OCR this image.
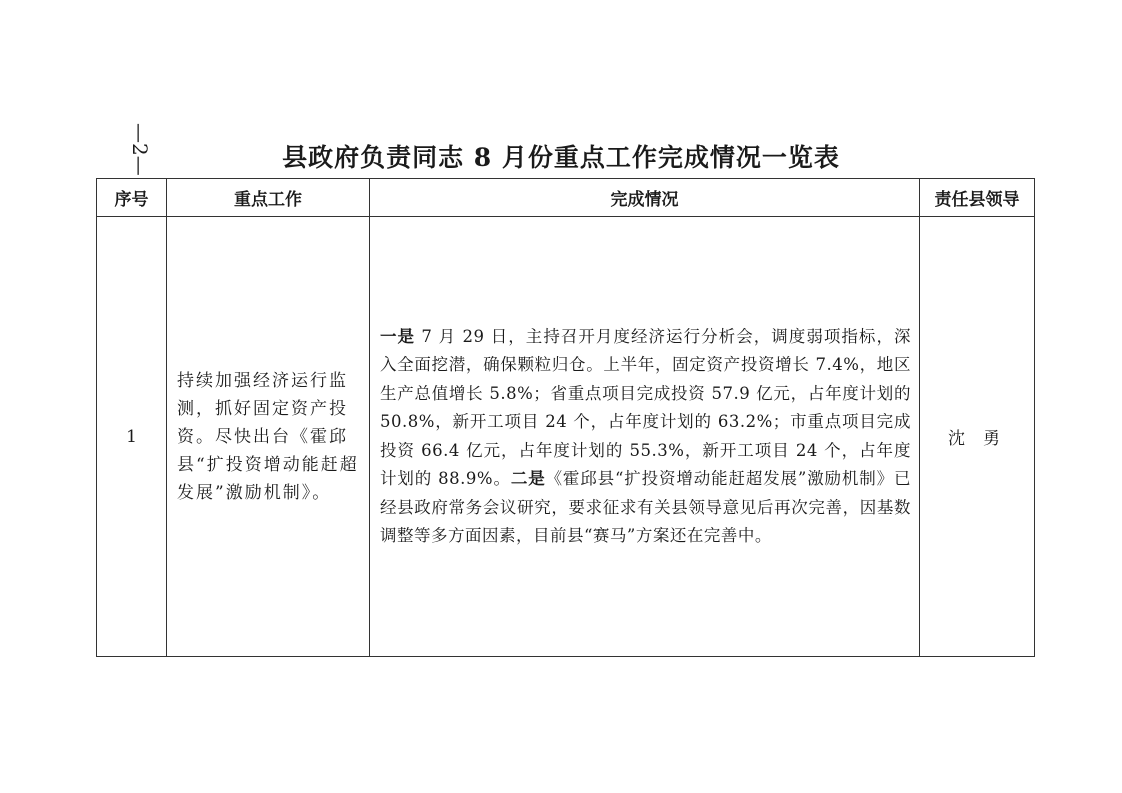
—2—	县政府负责同志 8 月份重点工作完成情况一览表
序号	重点工作	完成情况	责任县领导
1	持续加强经济运行监测，抓好固定资产投资。尽快出台《霍邱县“扩投资增动能赶超发展”激励机制》。	一是 7 月 29 日，主持召开月度经济运行分析会，调度弱项指标，深入全面挖潜，确保颗粒归仓。上半年，固定资产投资增长 7.4%，地区生产总值增长 5.8%；省重点项目完成投资 57.9 亿元，占年度计划的 50.8%，新开工项目 24 个，占年度计划的 63.2%；市重点项目完成投资 66.4 亿元，占年度计划的 55.3%，新开工项目 24 个，占年度计划的 88.9%。二是《霍邱县“扩投资增动能赶超发展”激励机制》已经县政府常务会议研究，要求征求有关县领导意见后再次完善，因基数调整等多方面因素，目前县“赛马”方案还在完善中。	沈勇
